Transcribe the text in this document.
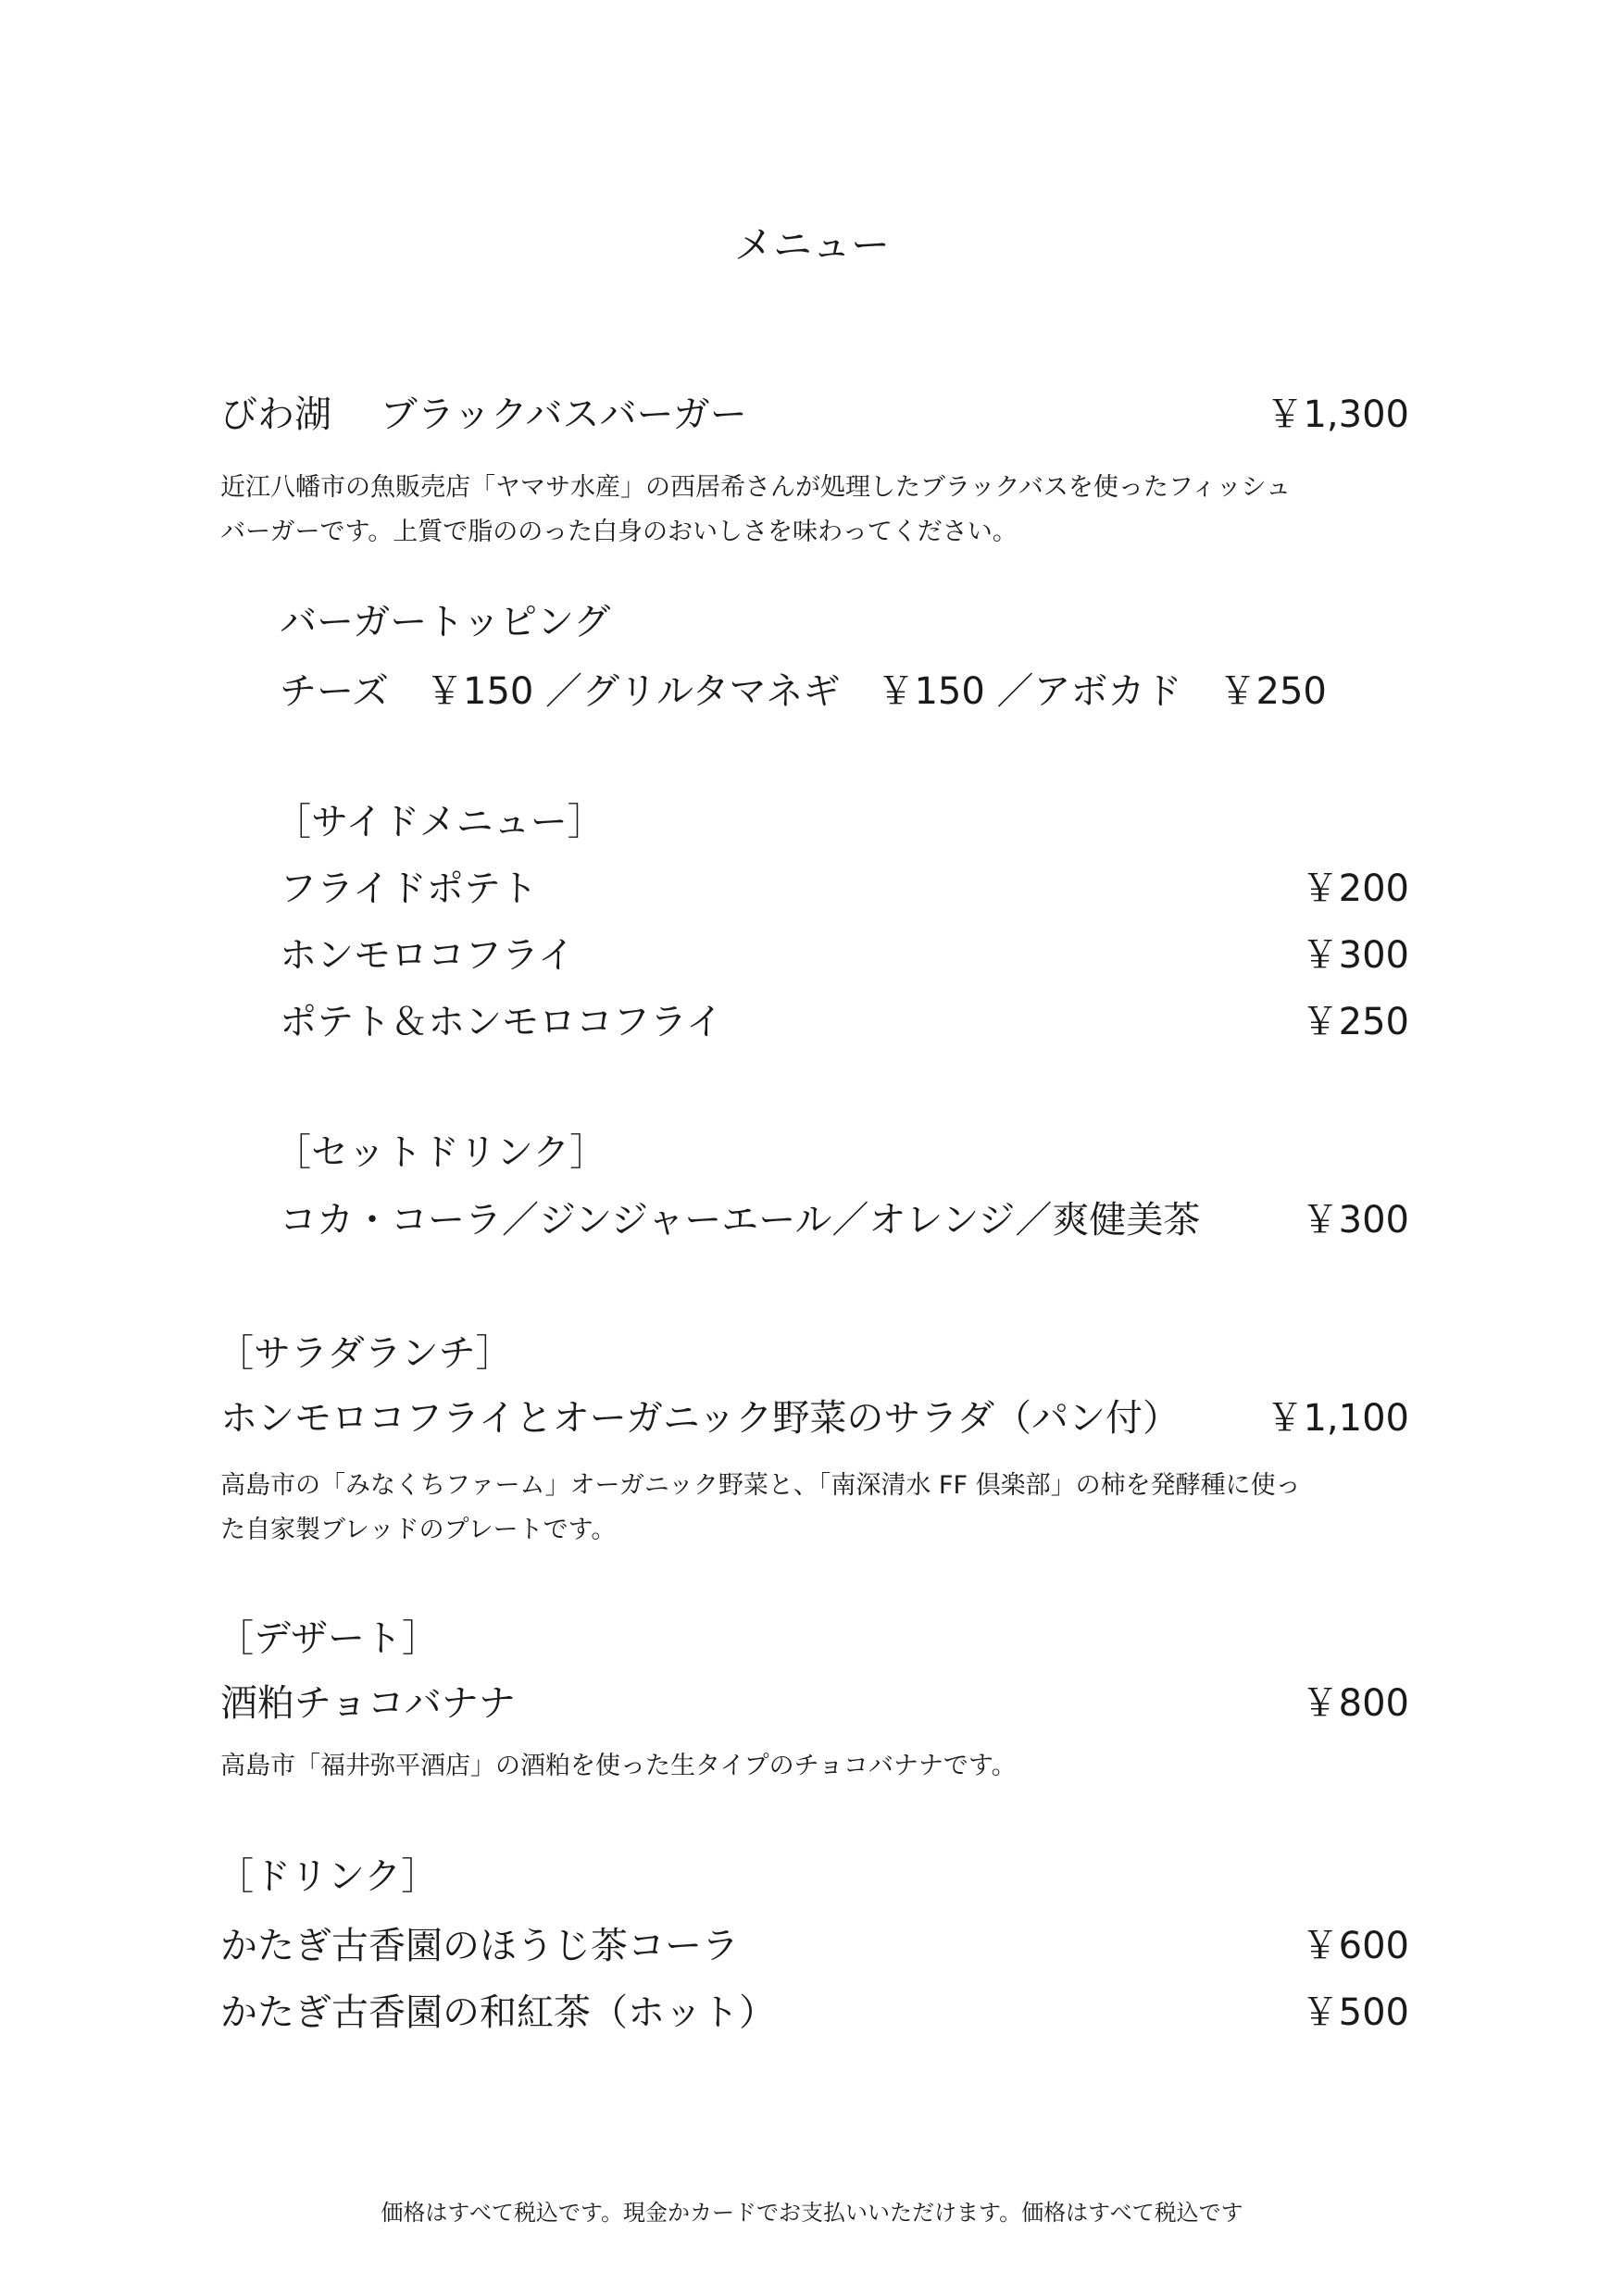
メニュー
びわ湖　 ブラックバスバーガー	￥1,300
近江八幡市の魚販売店「ヤマサ水産」の西居希さんが処理したブラックバスを使ったフィッシュ
バーガーです。上質で脂ののった白身のおいしさを味わってください。
バーガートッピング
チーズ　￥150 ／グリルタマネギ　￥150 ／アボカド　￥250
［サイドメニュー］
フライドポテト	￥200
ホンモロコフライ	￥300
ポテト＆ホンモロコフライ	￥250
［セットドリンク］
コカ・コーラ／ジンジャーエール／オレンジ／爽健美茶	￥300
［サラダランチ］
ホンモロコフライとオーガニック野菜のサラダ（パン付） ￥1,100
高島市の「みなくちファーム」オーガニック野菜と、「南深清水 FF 倶楽部」の柿を発酵種に使っ
た自家製ブレッドのプレートです。
［デザート］
酒粕チョコバナナ	￥800
高島市「福井弥平酒店」の酒粕を使った生タイプのチョコバナナです。
［ドリンク］
かたぎ古香園のほうじ茶コーラ	￥600
かたぎ古香園の和紅茶（ホット）	￥500
価格はすべて税込です。現金かカードでお支払いいただけます。価格はすべて税込です
